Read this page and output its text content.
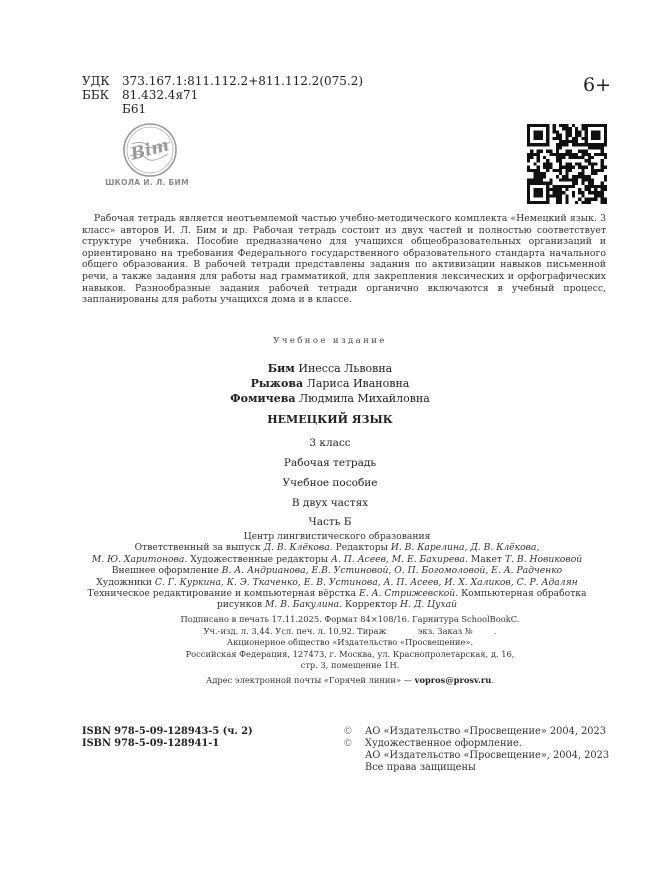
УДК 373.167.1:811.112.2+811.112.2(075.2)
ББК 81.432.4я71
Б61
6+
Bim
ШКОЛА И. Л. БИМ
Рабочая тетрадь является неотъемлемой частью учебно-методического комплекта «Немецкий язык. 3 класс» авторов И. Л. Бим и др. Рабочая тетрадь состоит из двух частей и полностью соответствует структуре учебника. Пособие предназначено для учащихся общеобразовательных организаций и ориентировано на требования Федерального государственного образовательного стандарта начального общего образования. В рабочей тетради представлены задания по активизации навыков письменной речи, а также задания для работы над грамматикой, для закрепления лексических и орфографических навыков. Разнообразные задания рабочей тетради органично включаются в учебный процесс, запланированы для работы учащихся дома и в классе.
Учебное издание
Бим Инесса Львовна
Рыжова Лариса Ивановна
Фомичева Людмила Михайловна
НЕМЕЦКИЙ ЯЗЫК
3 класс
Рабочая тетрадь
Учебное пособие
В двух частях
Часть Б
Центр лингвистического образования
Ответственный за выпуск Д. В. Клёкова. Редакторы И. В. Карелина, Д. В. Клёкова,
М. Ю. Харитонова. Художественные редакторы А. П. Асеев, М. Е. Бахирева. Макет Т. В. Новиковой
Внешнее оформление В. А. Андрианова, Е.В. Устиновой, О. П. Богомоловой, Е. А. Радченко
Художники С. Г. Куркина, К. Э. Ткаченко, Е. В. Устинова, А. П. Асеев, И. Х. Халиков, С. Р. Адалян
Техническое редактирование и компьютерная вёрстка Е. А. Стрижевской. Компьютерная обработка
рисунков М. В. Бакулина. Корректор Н. Д. Цухай
Подписано в печать 17.11.2025. Формат 84×108/16. Гарнитура SchoolBookC.
Уч.-изд. л. 3,44. Усл. печ. л. 10,92. Тираж            экз. Заказ №        .
Акционерное общество «Издательство «Просвещение».
Российская Федерация, 127473, г. Москва, ул. Краснопролетарская, д. 16,
стр. 3, помещение 1Н.
Адрес электронной почты «Горячей линии» — vopros@prosv.ru.
ISBN 978-5-09-128943-5 (ч. 2)
ISBN 978-5-09-128941-1
© АО «Издательство «Просвещение» 2004, 2023
© Художественное оформление.
АО «Издательство «Просвещение», 2004, 2023
Все права защищены
